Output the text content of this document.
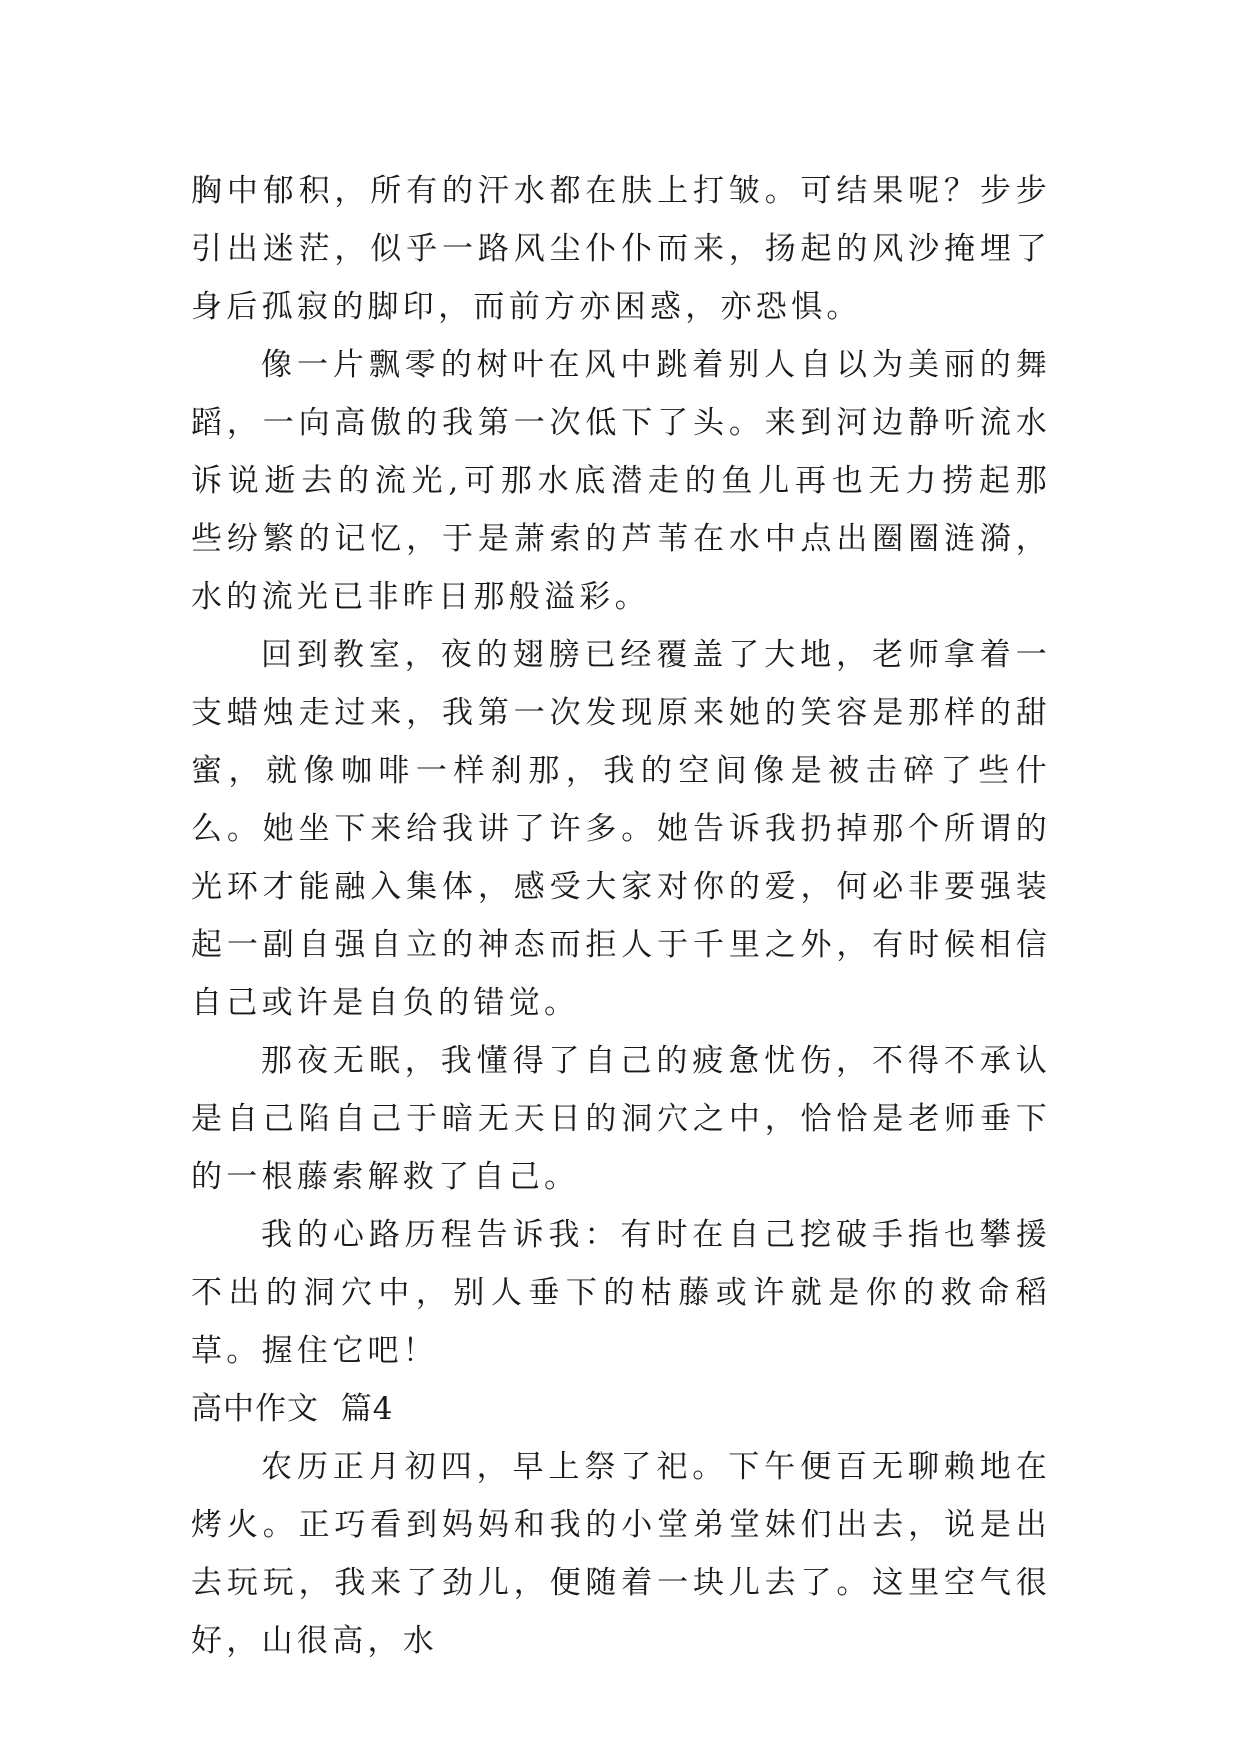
胸中郁积，所有的汗水都在肤上打皱。可结果呢？步步引出迷茫，似乎一路风尘仆仆而来，扬起的风沙掩埋了身后孤寂的脚印，而前方亦困惑，亦恐惧。

像一片飘零的树叶在风中跳着别人自以为美丽的舞蹈，一向高傲的我第一次低下了头。来到河边静听流水诉说逝去的流光,可那水底潜走的鱼儿再也无力捞起那些纷繁的记忆，于是萧索的芦苇在水中点出圈圈涟漪，水的流光已非昨日那般溢彩。

回到教室，夜的翅膀已经覆盖了大地，老师拿着一支蜡烛走过来，我第一次发现原来她的笑容是那样的甜蜜，就像咖啡一样刹那，我的空间像是被击碎了些什么。她坐下来给我讲了许多。她告诉我扔掉那个所谓的光环才能融入集体，感受大家对你的爱，何必非要强装起一副自强自立的神态而拒人于千里之外，有时候相信自己或许是自负的错觉。

那夜无眠，我懂得了自己的疲惫忧伤，不得不承认是自己陷自己于暗无天日的洞穴之中，恰恰是老师垂下的一根藤索解救了自己。

我的心路历程告诉我：有时在自己挖破手指也攀援不出的洞穴中，别人垂下的枯藤或许就是你的救命稻草。握住它吧！

高中作文  篇4

农历正月初四，早上祭了祀。下午便百无聊赖地在烤火。正巧看到妈妈和我的小堂弟堂妹们出去，说是出去玩玩，我来了劲儿，便随着一块儿去了。这里空气很好，山很高，水
